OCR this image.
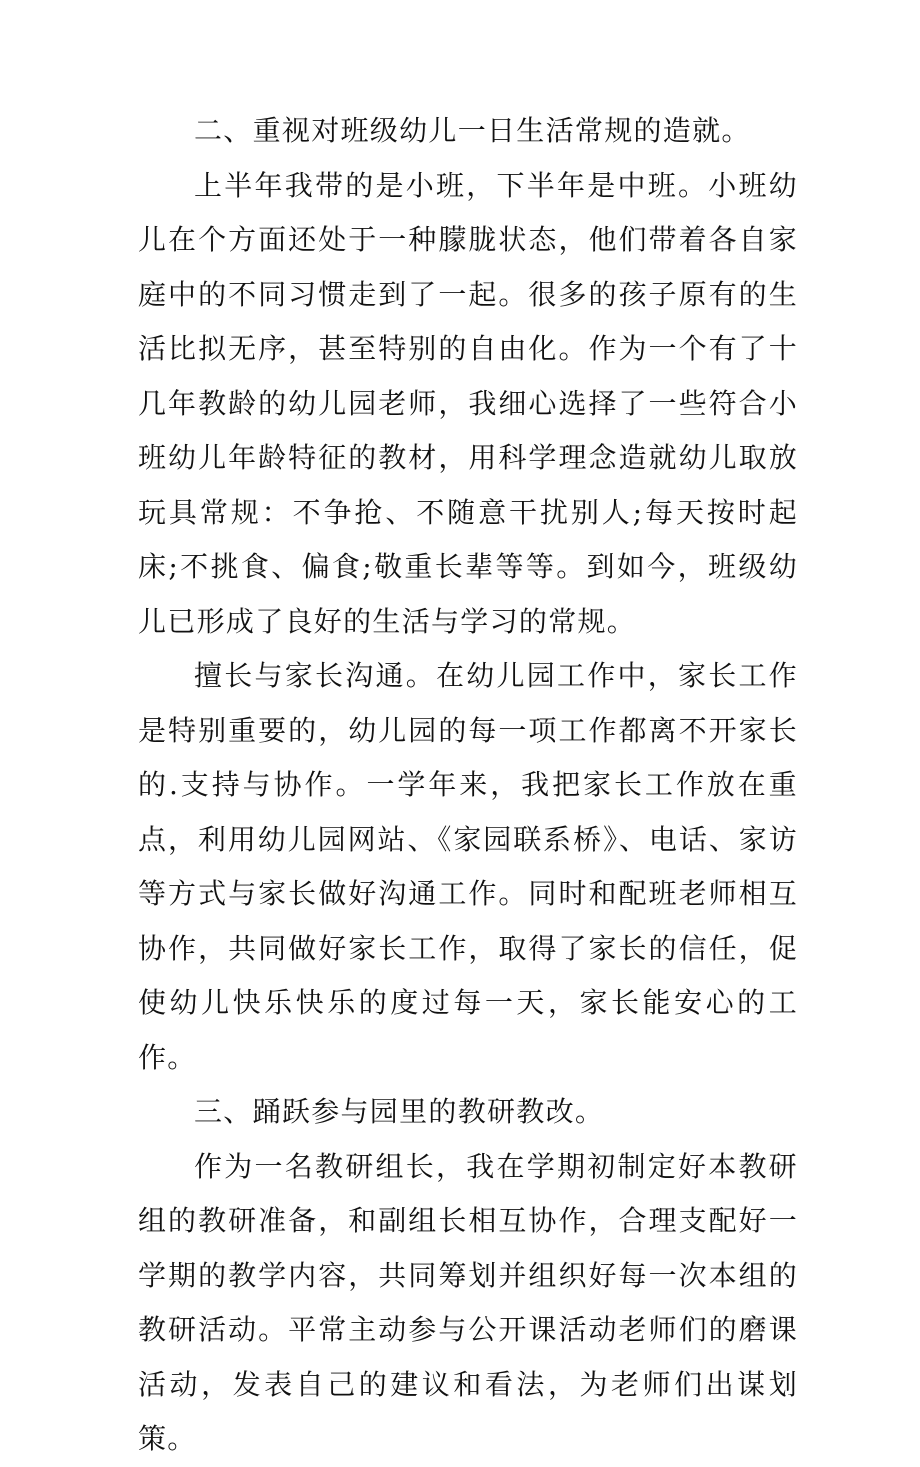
二、重视对班级幼儿一日生活常规的造就。

上半年我带的是小班，下半年是中班。小班幼儿在个方面还处于一种朦胧状态，他们带着各自家庭中的不同习惯走到了一起。很多的孩子原有的生活比拟无序，甚至特别的自由化。作为一个有了十几年教龄的幼儿园老师，我细心选择了一些符合小班幼儿年龄特征的教材，用科学理念造就幼儿取放玩具常规：不争抢、不随意干扰别人;每天按时起床;不挑食、偏食;敬重长辈等等。到如今，班级幼儿已形成了良好的生活与学习的常规。

擅长与家长沟通。在幼儿园工作中，家长工作是特别重要的，幼儿园的每一项工作都离不开家长的.支持与协作。一学年来，我把家长工作放在重点，利用幼儿园网站、《家园联系桥》、电话、家访等方式与家长做好沟通工作。同时和配班老师相互协作，共同做好家长工作，取得了家长的信任，促使幼儿快乐快乐的度过每一天，家长能安心的工作。

三、踊跃参与园里的教研教改。

作为一名教研组长，我在学期初制定好本教研组的教研准备，和副组长相互协作，合理支配好一学期的教学内容，共同筹划并组织好每一次本组的教研活动。平常主动参与公开课活动老师们的磨课活动，发表自己的建议和看法，为老师们出谋划策。
